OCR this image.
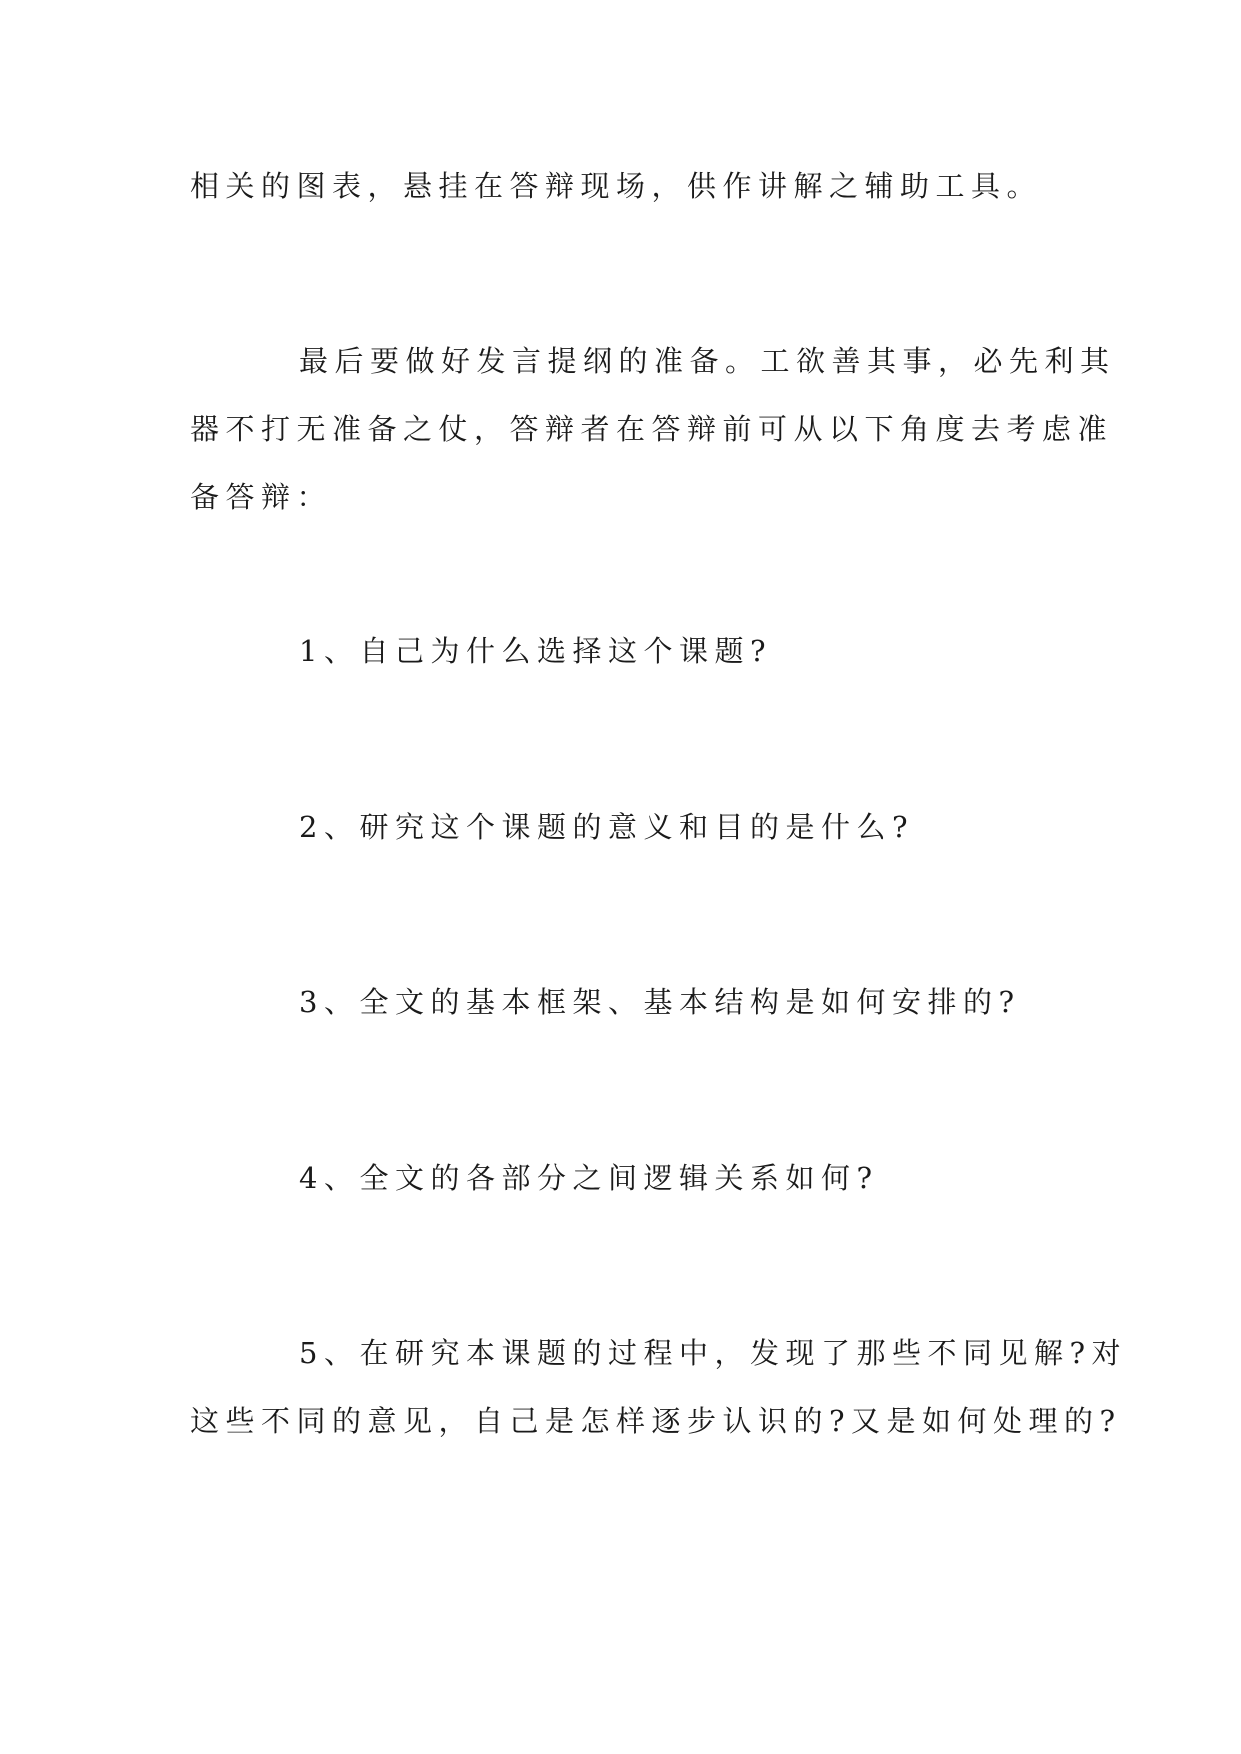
相关的图表，悬挂在答辩现场，供作讲解之辅助工具。

最后要做好发言提纲的准备。工欲善其事，必先利其
器不打无准备之仗，答辩者在答辩前可从以下角度去考虑准
备答辩：

1、自己为什么选择这个课题?

2、研究这个课题的意义和目的是什么?

3、全文的基本框架、基本结构是如何安排的?

4、全文的各部分之间逻辑关系如何?

5、在研究本课题的过程中，发现了那些不同见解?对
这些不同的意见，自己是怎样逐步认识的?又是如何处理的?
